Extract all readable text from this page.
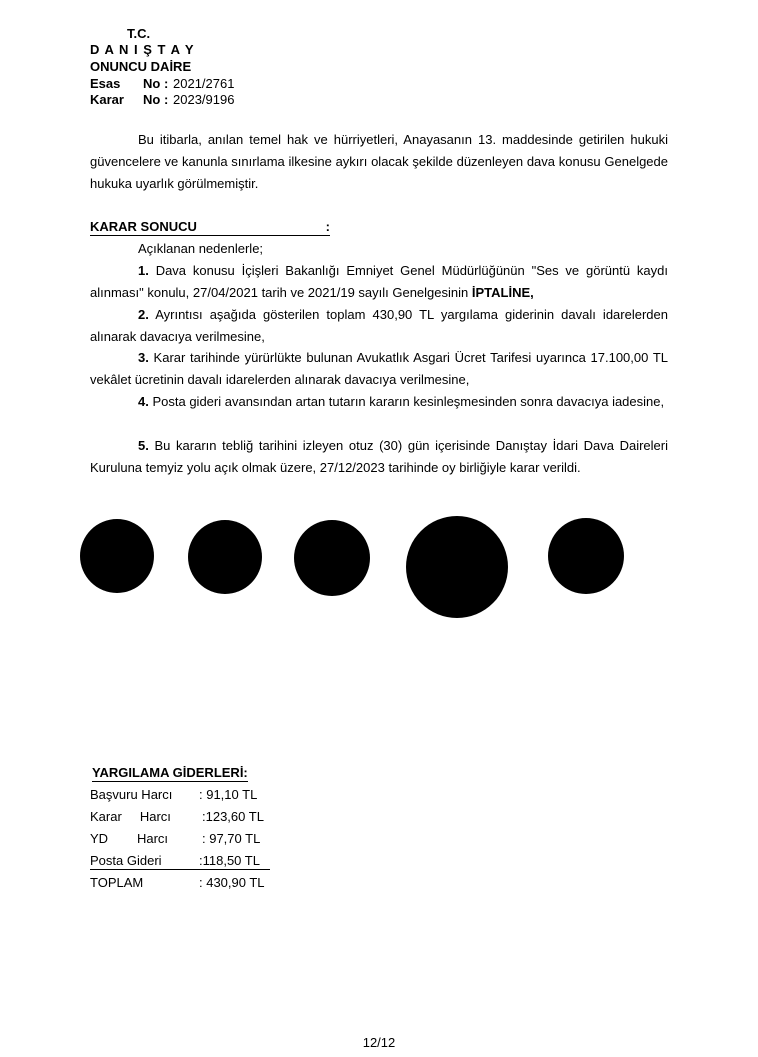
T.C.
D A N I Ş T A Y
ONUNCU DAİRE
Esas No : 2021/2761
Karar No : 2023/9196
Bu itibarla, anılan temel hak ve hürriyetleri, Anayasanın 13. maddesinde getirilen hukuki güvencelere ve kanunla sınırlama ilkesine aykırı olacak şekilde düzenleyen dava konusu Genelgede hukuka uyarlık görülmemiştir.
KARAR SONUCU	:
Açıklanan nedenlerle;
1. Dava konusu İçişleri Bakanlığı Emniyet Genel Müdürlüğünün "Ses ve görüntü kaydı alınması" konulu, 27/04/2021 tarih ve 2021/19 sayılı Genelgesinin İPTALİNE,
2. Ayrıntısı aşağıda gösterilen toplam 430,90 TL yargılama giderinin davalı idarelerden alınarak davacıya verilmesine,
3. Karar tarihinde yürürlükte bulunan Avukatlık Asgari Ücret Tarifesi uyarınca 17.100,00 TL vekâlet ücretinin davalı idarelerden alınarak davacıya verilmesine,
4. Posta gideri avansından artan tutarın kararın kesinleşmesinden sonra davacıya iadesine,
5. Bu kararın tebliğ tarihini izleyen otuz (30) gün içerisinde Danıştay İdari Dava Daireleri Kuruluna temyiz yolu açık olmak üzere, 27/12/2023 tarihinde oy birliğiyle karar verildi.
YARGILAMA GİDERLERİ:
Başvuru Harcı : 91,10 TL
Karar     Harcı :123,60 TL
YD        Harcı	: 97,70 TL
Posta Gideri	:118,50 TL
TOPLAM	: 430,90 TL
12/12
